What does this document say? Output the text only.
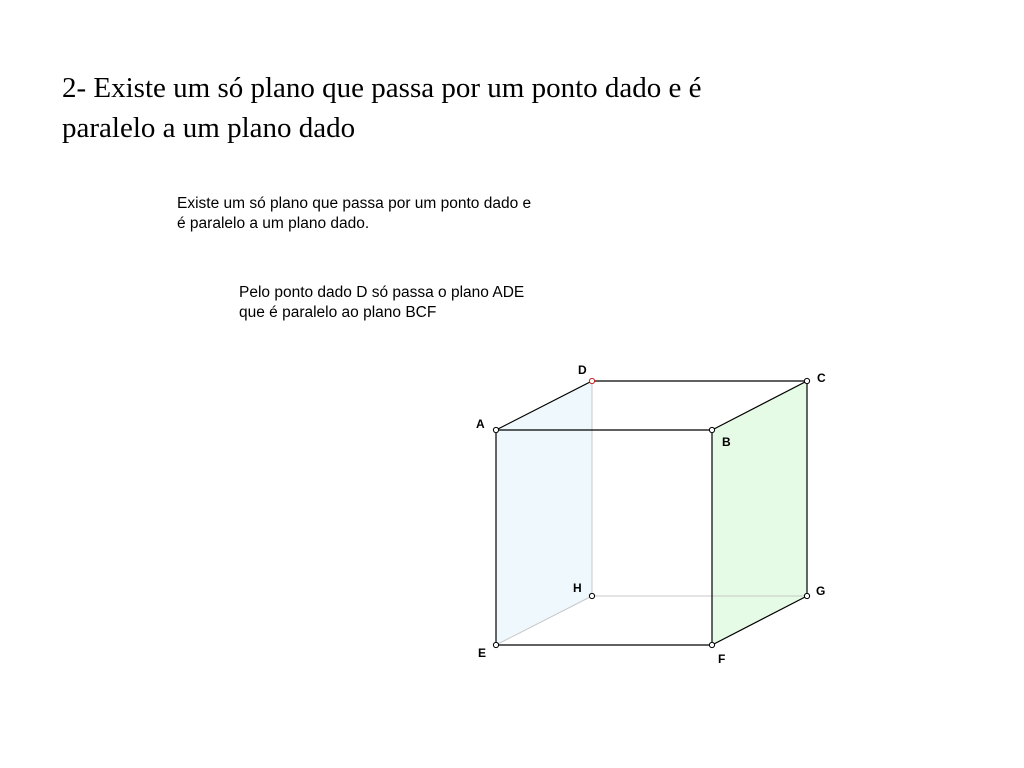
2- Existe um só plano que passa por um ponto dado e é
paralelo a um plano dado
Existe um só plano que passa por um ponto dado e
é paralelo a um plano dado.
Pelo ponto dado D só passa o plano ADE
que é paralelo ao plano BCF
A
B
C
D
E	F
G
H
